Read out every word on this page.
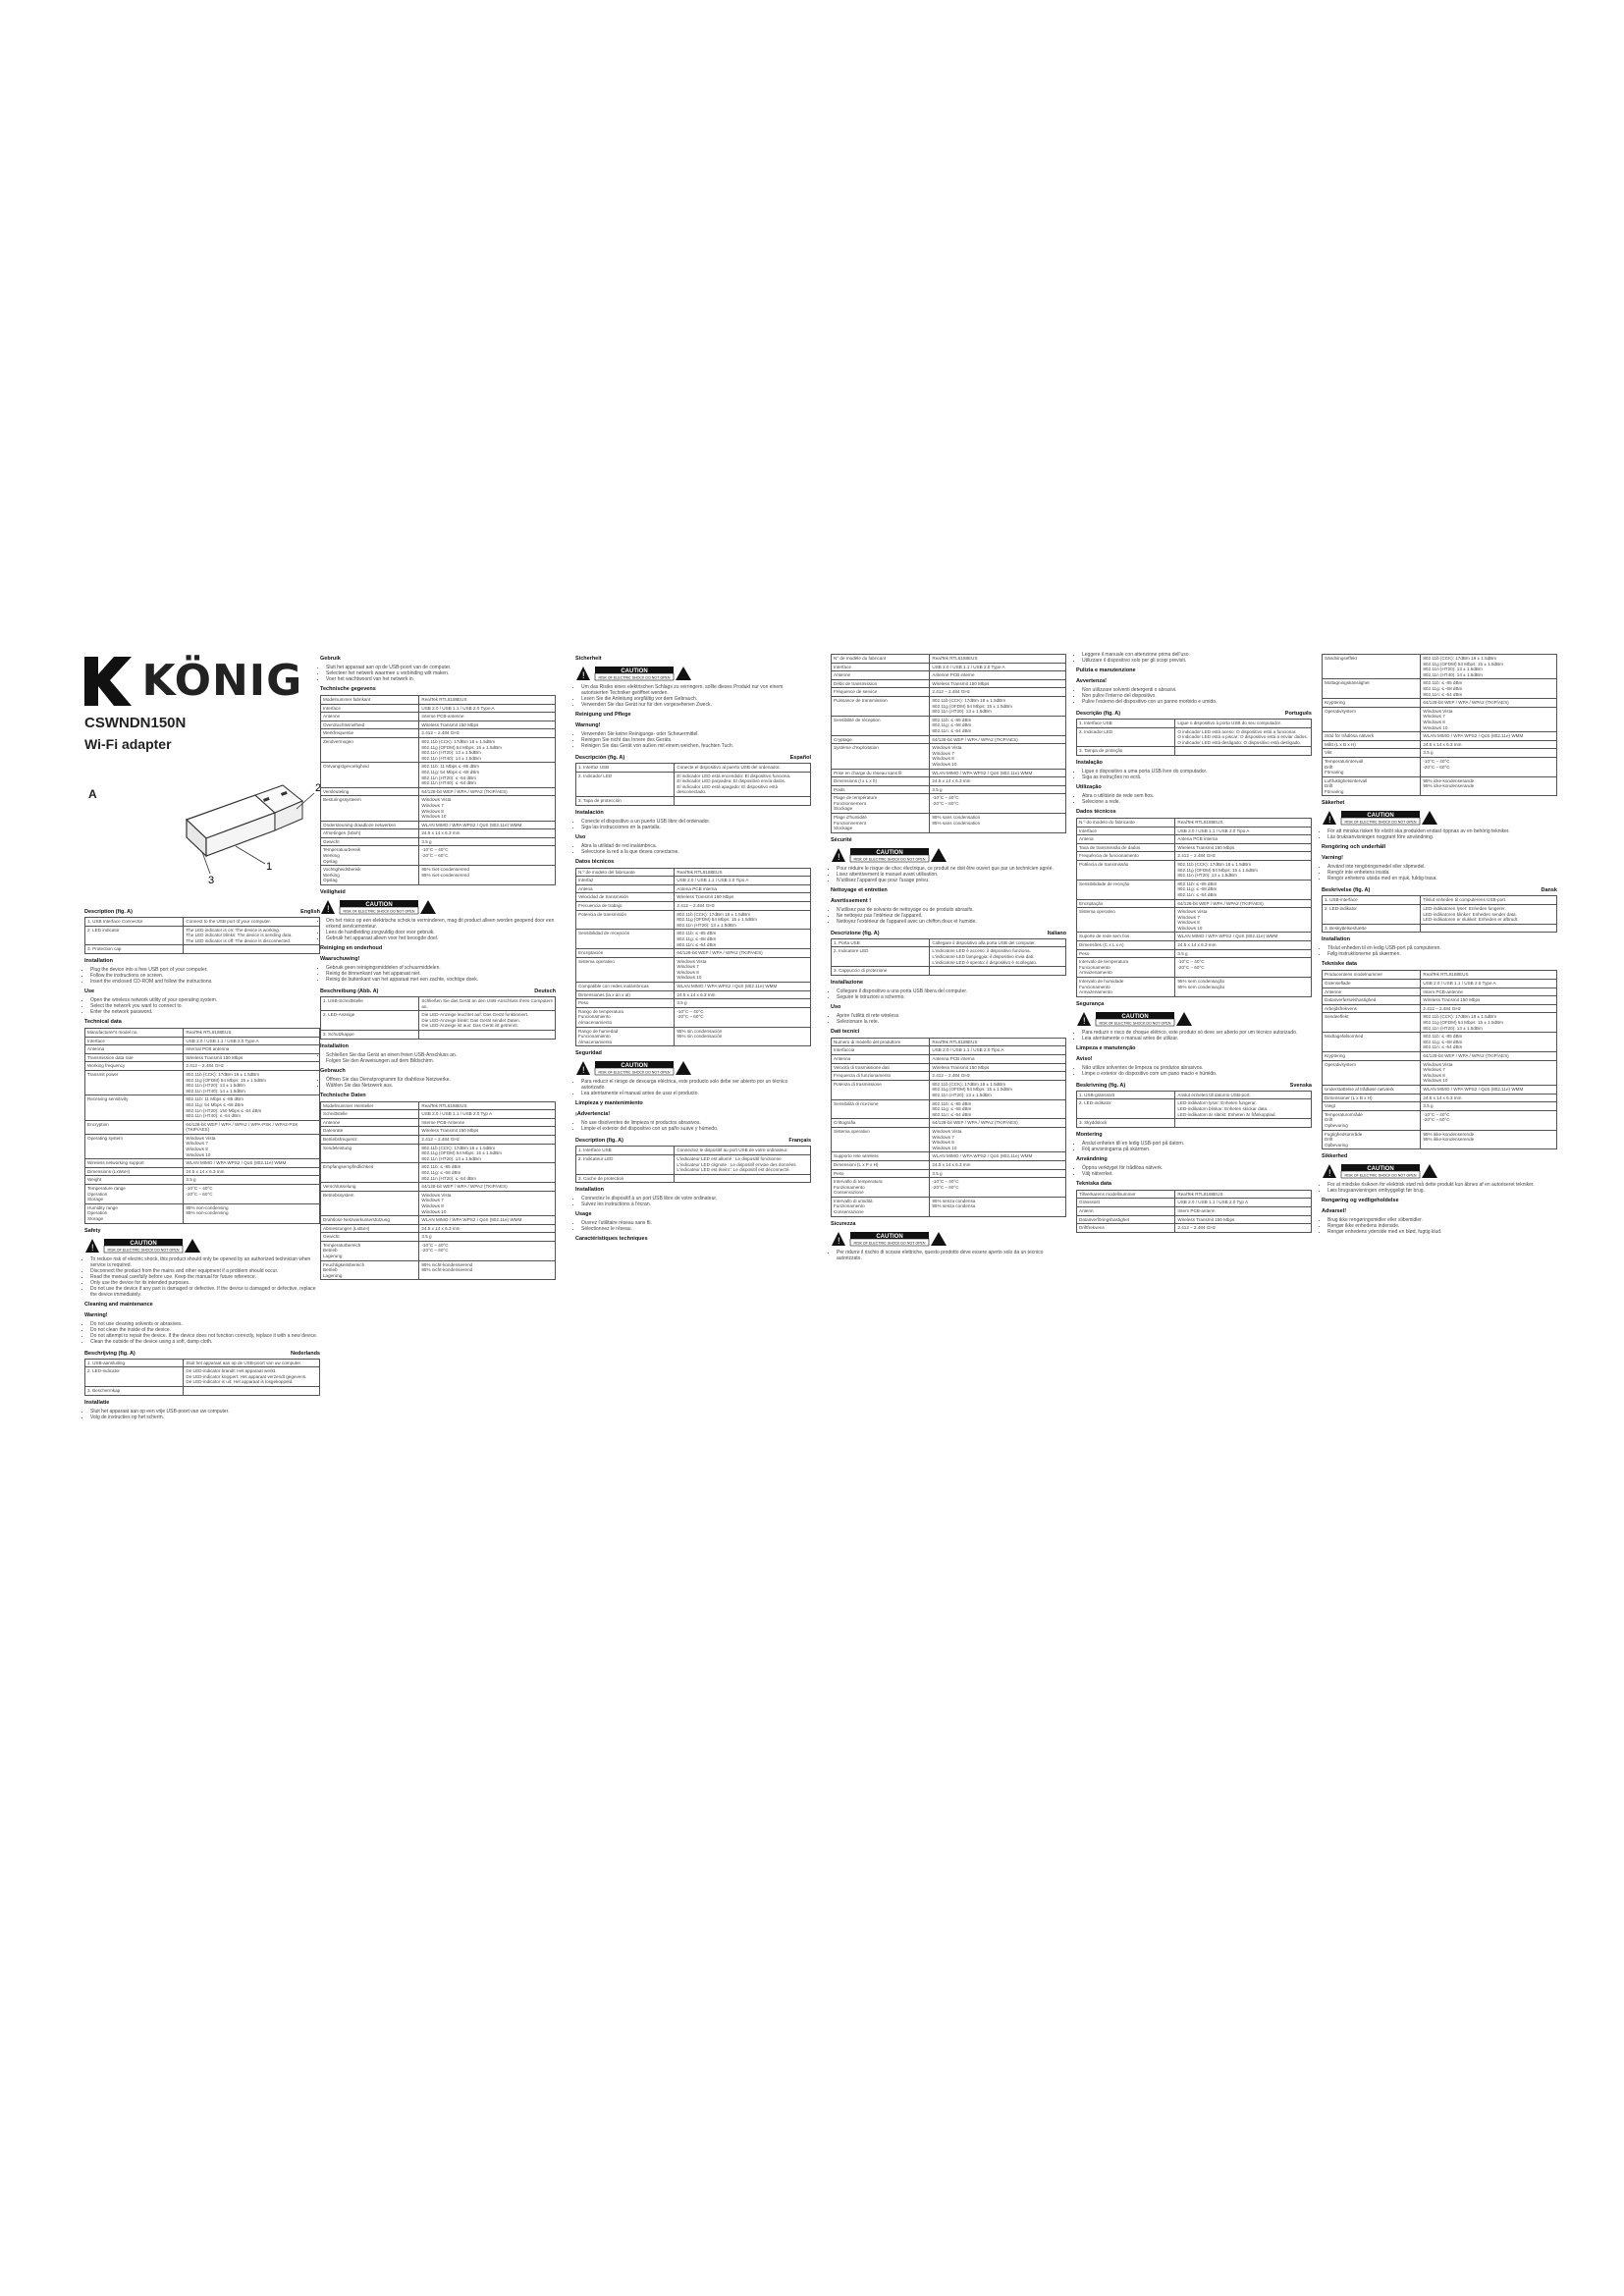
KÖNIG
CSWNDN150N
Wi-Fi adapter
A
1
2
3
Description (fig. A)	English
1. USB Interface Connector	Connect to the USB port of your computer.
2. LED indicator	The LED indicator is on: The device is working.
The LED indicator blinks: The device is sending data.
The LED indicator is off: The device is disconnected.
3. Protection cap	
Installation
• Plug the device into a free USB port of your computer.
• Follow the instructions on screen.
• Insert the enclosed CD-ROM and follow the instructions.
Use
• Open the wireless network utility of your operating system.
• Select the network you want to connect to.
• Enter the network password.
Technical data
Manufacturer's model no.	RealTek RTL8188EUS
Interface	USB 2.0 / USB 1.1 / USB 2.0 Type A
Antenna	Internal PCB antenna
Transmission data rate	Wireless Transmit 150 Mbps
Working frequency	2.412 – 2.484 GHz
Transmit power	802.11b (CCK): 17dBm 18 ± 1.5dBm
802.11g (OFDM) 54 Mbps: 15 ± 1.5dBm
802.11n (HT20): 13 ± 1.5dBm
802.11n (HT40): 14 ± 1.5dBm
Receiving sensitivity	802.11b: 11 Mbps ≤ -85 dBm
802.11g: 54 Mbps ≤ -68 dBm
802.11n (HT20): 150 Mbps ≤ -64 dBm
802.11n (HT40): ≤ -64 dBm
Encryption	64/128-bit WEP / WPA / WPA2 / WPA-PSK / WPA2-PSK (TKIP/AES)
Operating system	Windows Vista
Windows 7
Windows 8
Windows 10
Wireless networking support	WLAN MIMO / WPA WPS2 / QoS (802.11e) WMM
Dimensions (LxWxH)	24.5 x 14 x 6.3 mm
Weight	3.5 g
Temperature range
Operation
Storage	-10°C – 40°C
-20°C – 60°C
Humidity range
Operation
Storage	95% non-condensing
95% non-condensing
Safety
!	CAUTION
RISK OF ELECTRIC SHOCK DO NOT OPEN
• To reduce risk of electric shock, this product should only be opened by an authorized technician when service is required.
• Disconnect the product from the mains and other equipment if a problem should occur.
• Read the manual carefully before use. Keep the manual for future reference.
• Only use the device for its intended purposes.
• Do not use the device if any part is damaged or defective. If the device is damaged or defective, replace the device immediately.
Cleaning and maintenance
Warning!
• Do not use cleaning solvents or abrasives.
• Do not clean the inside of the device.
• Do not attempt to repair the device. If the device does not function correctly, replace it with a new device.
• Clean the outside of the device using a soft, damp cloth.
Beschrijving (fig. A)	Nederlands
1. USB-aansluiting	Sluit het apparaat aan op de USB-poort van uw computer.
2. LED-indicator	De LED-indicator brandt: Het apparaat werkt.
De LED-indicator knippert: Het apparaat verzendt gegevens.
De LED-indicator is uit: Het apparaat is losgekoppeld.
3. Beschermkap	
Installatie
• Sluit het apparaat aan op een vrije USB-poort van uw computer.
• Volg de instructies op het scherm.
Gebruik
• Sluit het apparaat aan op de USB-poort van de computer.
• Selecteer het netwerk waarmee u verbinding wilt maken.
• Voer het wachtwoord van het netwerk in.
Technische gegevens
Modelnummer fabrikant	RealTek RTL8188EUS
Interface	USB 2.0 / USB 1.1 / USB 2.0 Type A
Antenne	Interne PCB-antenne
Overdrachtssnelheid	Wireless Transmit 150 Mbps
Werkfrequentie	2.412 – 2.484 GHz
Zendvermogen	802.11b (CCK): 17dBm 18 ± 1.5dBm
802.11g (OFDM) 54 Mbps: 15 ± 1.5dBm
802.11n (HT20): 13 ± 1.5dBm
802.11n (HT40): 14 ± 1.5dBm
Ontvangstgevoeligheid	802.11b: 11 Mbps ≤ -85 dBm
802.11g: 54 Mbps ≤ -68 dBm
802.11n (HT20): ≤ -64 dBm
802.11n (HT40): ≤ -64 dBm
Versleuteling	64/128-bit WEP / WPA / WPA2 (TKIP/AES)
Besturingssysteem	Windows Vista
Windows 7
Windows 8
Windows 10
Ondersteuning draadloze netwerken	WLAN MIMO / WPA WPS2 / QoS (802.11e) WMM
Afmetingen (lxbxh)	24.5 x 14 x 6.3 mm
Gewicht	3.5 g
Temperatuurbereik
Werking
Opslag	-10°C – 40°C
-20°C – 60°C
Vochtigheidsbereik
Werking
Opslag	95% niet-condenserend
95% niet-condenserend
Veiligheid
!	CAUTION
RISK OF ELECTRIC SHOCK DO NOT OPEN
• Om het risico op een elektrische schok te verminderen, mag dit product alleen worden geopend door een erkend servicemonteur.
• Lees de handleiding zorgvuldig door voor gebruik.
• Gebruik het apparaat alleen voor het beoogde doel.
Reiniging en onderhoud
Waarschuwing!
• Gebruik geen reinigingsmiddelen of schuurmiddelen.
• Reinig de binnenkant van het apparaat niet.
• Reinig de buitenkant van het apparaat met een zachte, vochtige doek.
Beschreibung (Abb. A)	Deutsch
1. USB-Schnittstelle	Schließen Sie das Gerät an den USB-Anschluss Ihres Computers an.
2. LED-Anzeige	Die LED-Anzeige leuchtet auf: Das Gerät funktioniert.
Die LED-Anzeige blinkt: Das Gerät sendet Daten.
Die LED-Anzeige ist aus: Das Gerät ist getrennt.
3. Schutzkappe	
Installation
• Schließen Sie das Gerät an einen freien USB-Anschluss an.
• Folgen Sie den Anweisungen auf dem Bildschirm.
Gebrauch
• Öffnen Sie das Dienstprogramm für drahtlose Netzwerke.
• Wählen Sie das Netzwerk aus.
Technische Daten
Modellnummer Hersteller	RealTek RTL8188EUS
Schnittstelle	USB 2.0 / USB 1.1 / USB 2.0 Typ A
Antenne	Interne PCB-Antenne
Datenrate	Wireless Transmit 150 Mbps
Betriebsfrequenz	2.412 – 2.484 GHz
Sendeleistung	802.11b (CCK): 17dBm 18 ± 1.5dBm
802.11g (OFDM) 54 Mbps: 15 ± 1.5dBm
802.11n (HT20): 13 ± 1.5dBm
Empfangsempfindlichkeit	802.11b: ≤ -85 dBm
802.11g: ≤ -68 dBm
802.11n (HT20): ≤ -64 dBm
Verschlüsselung	64/128-bit WEP / WPA / WPA2 (TKIP/AES)
Betriebssystem	Windows Vista
Windows 7
Windows 8
Windows 10
Drahtlose Netzwerkunterstützung	WLAN MIMO / WPA WPS2 / QoS (802.11e) WMM
Abmessungen (LxBxH)	24.5 x 14 x 6.3 mm
Gewicht	3.5 g
Temperaturbereich
Betrieb
Lagerung	-10°C – 40°C
-20°C – 60°C
Feuchtigkeitsbereich
Betrieb
Lagerung	95% nicht-kondensierend
95% nicht-kondensierend
Sicherheit
!	CAUTION
RISK OF ELECTRIC SHOCK DO NOT OPEN
• Um das Risiko eines elektrischen Schlags zu verringern, sollte dieses Produkt nur von einem autorisierten Techniker geöffnet werden.
• Lesen Sie die Anleitung sorgfältig vor dem Gebrauch.
• Verwenden Sie das Gerät nur für den vorgesehenen Zweck.
Reinigung und Pflege
Warnung!
• Verwenden Sie keine Reinigungs- oder Scheuermittel.
• Reinigen Sie nicht das Innere des Geräts.
• Reinigen Sie das Gerät von außen mit einem weichen, feuchten Tuch.
Descripción (fig. A)	Español
1. Interfaz USB	Conecte el dispositivo al puerto USB del ordenador.
2. Indicador LED	El indicador LED está encendido: El dispositivo funciona.
El indicador LED parpadea: El dispositivo envía datos.
El indicador LED está apagado: El dispositivo está desconectado.
3. Tapa de protección	
Instalación
• Conecte el dispositivo a un puerto USB libre del ordenador.
• Siga las instrucciones en la pantalla.
Uso
• Abra la utilidad de red inalámbrica.
• Seleccione la red a la que desea conectarse.
Datos técnicos
N.º de modelo del fabricante	RealTek RTL8188EUS
Interfaz	USB 2.0 / USB 1.1 / USB 2.0 Tipo A
Antena	Antena PCB interna
Velocidad de transmisión	Wireless Transmit 150 Mbps
Frecuencia de trabajo	2.412 – 2.484 GHz
Potencia de transmisión	802.11b (CCK): 17dBm 18 ± 1.5dBm
802.11g (OFDM) 54 Mbps: 15 ± 1.5dBm
802.11n (HT20): 13 ± 1.5dBm
Sensibilidad de recepción	802.11b: ≤ -85 dBm
802.11g: ≤ -68 dBm
802.11n: ≤ -64 dBm
Encriptación	64/128-bit WEP / WPA / WPA2 (TKIP/AES)
Sistema operativo	Windows Vista
Windows 7
Windows 8
Windows 10
Compatible con redes inalámbricas	WLAN MIMO / WPA WPS2 / QoS (802.11e) WMM
Dimensiones (la x an x al)	24.5 x 14 x 6.3 mm
Peso	3.5 g
Rango de temperatura
Funcionamiento
Almacenamiento	-10°C – 40°C
-20°C – 60°C
Rango de humedad
Funcionamiento
Almacenamiento	95% sin condensación
95% sin condensación
Seguridad
!	CAUTION
RISK OF ELECTRIC SHOCK DO NOT OPEN
• Para reducir el riesgo de descarga eléctrica, este producto solo debe ser abierto por un técnico autorizado.
• Lea atentamente el manual antes de usar el producto.
Limpieza y mantenimiento
¡Advertencia!
• No use disolventes de limpieza ni productos abrasivos.
• Limpie el exterior del dispositivo con un paño suave y húmedo.
Description (fig. A)	Français
1. Interface USB	Connectez le dispositif au port USB de votre ordinateur.
2. Indicateur LED	L'indicateur LED est allumé : Le dispositif fonctionne.
L'indicateur LED clignote : Le dispositif envoie des données.
L'indicateur LED est éteint : Le dispositif est déconnecté.
3. Cache de protection	
Installation
• Connectez le dispositif à un port USB libre de votre ordinateur.
• Suivez les instructions à l'écran.
Usage
• Ouvrez l'utilitaire réseau sans fil.
• Sélectionnez le réseau.
Caractéristiques techniques
N° de modèle du fabricant	RealTek RTL8188EUS
Interface	USB 2.0 / USB 1.1 / USB 2.0 Type A
Antenne	Antenne PCB interne
Débit de transmission	Wireless Transmit 150 Mbps
Fréquence de service	2.412 – 2.484 GHz
Puissance de transmission	802.11b (CCK): 17dBm 18 ± 1.5dBm
802.11g (OFDM) 54 Mbps: 15 ± 1.5dBm
802.11n (HT20): 13 ± 1.5dBm
Sensibilité de réception	802.11b: ≤ -85 dBm
802.11g: ≤ -68 dBm
802.11n: ≤ -64 dBm
Cryptage	64/128-bit WEP / WPA / WPA2 (TKIP/AES)
Système d'exploitation	Windows Vista
Windows 7
Windows 8
Windows 10
Prise en charge du réseau sans fil	WLAN MIMO / WPA WPS2 / QoS (802.11e) WMM
Dimensions (l x L x h)	24.5 x 14 x 6.3 mm
Poids	3.5 g
Plage de température
Fonctionnement
Stockage	-10°C – 40°C
-20°C – 60°C
Plage d'humidité
Fonctionnement
Stockage	95% sans condensation
95% sans condensation
Sécurité
!	CAUTION
RISK OF ELECTRIC SHOCK DO NOT OPEN
• Pour réduire le risque de choc électrique, ce produit ne doit être ouvert que par un technicien agréé.
• Lisez attentivement le manuel avant utilisation.
• N'utilisez l'appareil que pour l'usage prévu.
Nettoyage et entretien
Avertissement !
• N'utilisez pas de solvants de nettoyage ou de produits abrasifs.
• Ne nettoyez pas l'intérieur de l'appareil.
• Nettoyez l'extérieur de l'appareil avec un chiffon doux et humide.
Descrizione (fig. A)	Italiano
1. Porta USB	Collegare il dispositivo alla porta USB del computer.
2. Indicatore LED	L'indicatore LED è acceso: il dispositivo funziona.
L'indicatore LED lampeggia: il dispositivo invia dati.
L'indicatore LED è spento: il dispositivo è scollegato.
3. Cappuccio di protezione	
Installazione
• Collegare il dispositivo a una porta USB libera del computer.
• Seguire le istruzioni a schermo.
Uso
• Aprire l'utilità di rete wireless.
• Selezionare la rete.
Dati tecnici
Numero di modello del produttore	RealTek RTL8188EUS
Interfaccia	USB 2.0 / USB 1.1 / USB 2.0 Tipo A
Antenna	Antenna PCB interna
Velocità di trasmissione dati	Wireless Transmit 150 Mbps
Frequenza di funzionamento	2.412 – 2.484 GHz
Potenza di trasmissione	802.11b (CCK): 17dBm 18 ± 1.5dBm
802.11g (OFDM) 54 Mbps: 15 ± 1.5dBm
802.11n (HT20): 13 ± 1.5dBm
Sensibilità di ricezione	802.11b: ≤ -85 dBm
802.11g: ≤ -68 dBm
802.11n: ≤ -64 dBm
Crittografia	64/128-bit WEP / WPA / WPA2 (TKIP/AES)
Sistema operativo	Windows Vista
Windows 7
Windows 8
Windows 10
Supporto rete wireless	WLAN MIMO / WPA WPS2 / QoS (802.11e) WMM
Dimensioni (L x P x H)	24.5 x 14 x 6.3 mm
Peso	3.5 g
Intervallo di temperatura
Funzionamento
Conservazione	-10°C – 40°C
-20°C – 60°C
Intervallo di umidità
Funzionamento
Conservazione	95% senza condensa
95% senza condensa
Sicurezza
!	CAUTION
RISK OF ELECTRIC SHOCK DO NOT OPEN
• Per ridurre il rischio di scosse elettriche, questo prodotto deve essere aperto solo da un tecnico autorizzato.
• Leggere il manuale con attenzione prima dell'uso.
• Utilizzare il dispositivo solo per gli scopi previsti.
Pulizia e manutenzione
Avvertenza!
• Non utilizzare solventi detergenti o abrasivi.
• Non pulire l'interno del dispositivo.
• Pulire l'esterno del dispositivo con un panno morbido e umido.
Descrição (fig. A)	Português
1. Interface USB	Ligue o dispositivo à porta USB do seu computador.
2. Indicador LED	O indicador LED está aceso: O dispositivo está a funcionar.
O indicador LED está a piscar: O dispositivo está a enviar dados.
O indicador LED está desligado: O dispositivo está desligado.
3. Tampa de proteção	
Instalação
• Ligue o dispositivo a uma porta USB livre do computador.
• Siga as instruções no ecrã.
Utilização
• Abra o utilitário de rede sem fios.
• Selecione a rede.
Dados técnicos
N.º do modelo do fabricante	RealTek RTL8188EUS
Interface	USB 2.0 / USB 1.1 / USB 2.0 Tipo A
Antena	Antena PCB interna
Taxa de transmissão de dados	Wireless Transmit 150 Mbps
Frequência de funcionamento	2.412 – 2.484 GHz
Potência de transmissão	802.11b (CCK): 17dBm 18 ± 1.5dBm
802.11g (OFDM) 54 Mbps: 15 ± 1.5dBm
802.11n (HT20): 13 ± 1.5dBm
Sensibilidade de receção	802.11b: ≤ -85 dBm
802.11g: ≤ -68 dBm
802.11n: ≤ -64 dBm
Encriptação	64/128-bit WEP / WPA / WPA2 (TKIP/AES)
Sistema operativo	Windows Vista
Windows 7
Windows 8
Windows 10
Suporte de rede sem fios	WLAN MIMO / WPA WPS2 / QoS (802.11e) WMM
Dimensões (C x L x A)	24.5 x 14 x 6.3 mm
Peso	3.5 g
Intervalo de temperatura
Funcionamento
Armazenamento	-10°C – 40°C
-20°C – 60°C
Intervalo de humidade
Funcionamento
Armazenamento	95% sem condensação
95% sem condensação
Segurança
!	CAUTION
RISK OF ELECTRIC SHOCK DO NOT OPEN
• Para reduzir o risco de choque elétrico, este produto só deve ser aberto por um técnico autorizado.
• Leia atentamente o manual antes de utilizar.
Limpeza e manutenção
Aviso!
• Não utilize solventes de limpeza ou produtos abrasivos.
• Limpe o exterior do dispositivo com um pano macio e húmido.
Beskrivning (fig. A)	Svenska
1. USB-gränssnitt	Anslut enheten till datorns USB-port.
2. LED-indikator	LED-indikatorn lyser: Enheten fungerar.
LED-indikatorn blinkar: Enheten skickar data.
LED-indikatorn är släckt: Enheten är frånkopplad.
3. Skyddslock	
Montering
• Anslut enheten till en ledig USB-port på datorn.
• Följ anvisningarna på skärmen.
Användning
• Öppna verktyget för trådlösa nätverk.
• Välj nätverket.
Tekniska data
Tillverkarens modellnummer	RealTek RTL8188EUS
Gränssnitt	USB 2.0 / USB 1.1 / USB 2.0 Typ A
Antenn	Intern PCB-antenn
Dataöverföringshastighet	Wireless Transmit 150 Mbps
Driftfrekvens	2.412 – 2.484 GHz
Sändningseffekt	802.11b (CCK): 17dBm 18 ± 1.5dBm
802.11g (OFDM) 54 Mbps: 15 ± 1.5dBm
802.11n (HT20): 13 ± 1.5dBm
802.11n (HT40): 14 ± 1.5dBm
Mottagningskänslighet	802.11b: ≤ -85 dBm
802.11g: ≤ -68 dBm
802.11n: ≤ -64 dBm
Kryptering	64/128-bit WEP / WPA / WPA2 (TKIP/AES)
Operativsystem	Windows Vista
Windows 7
Windows 8
Windows 10
Stöd för trådlösa nätverk	WLAN MIMO / WPA WPS2 / QoS (802.11e) WMM
Mått (L x B x H)	24.5 x 14 x 6.3 mm
Vikt	3.5 g
Temperaturintervall
Drift
Förvaring	-10°C – 40°C
-20°C – 60°C
Luftfuktighetsintervall
Drift
Förvaring	95% icke-kondenserande
95% icke-kondenserande
Säkerhet
!	CAUTION
RISK OF ELECTRIC SHOCK DO NOT OPEN
• För att minska risken för elstöt ska produkten endast öppnas av en behörig tekniker.
• Läs bruksanvisningen noggrant före användning.
Rengöring och underhåll
Varning!
• Använd inte rengöringsmedel eller slipmedel.
• Rengör inte enhetens insida.
• Rengör enhetens utsida med en mjuk, fuktig trasa.
Beskrivelse (fig. A)	Dansk
1. USB-interface	Tilslut enheden til computerens USB-port.
2. LED-indikator	LED-indikatoren lyser: Enheden fungerer.
LED-indikatoren blinker: Enheden sender data.
LED-indikatoren er slukket: Enheden er afbrudt.
3. Beskyttelseshætte	
Installation
• Tilslut enheden til en ledig USB-port på computeren.
• Følg instruktionerne på skærmen.
Tekniske data
Producentens modelnummer	RealTek RTL8188EUS
Grænseflade	USB 2.0 / USB 1.1 / USB 2.0 Type A
Antenne	Intern PCB-antenne
Dataoverførselshastighed	Wireless Transmit 150 Mbps
Arbejdsfrekvens	2.412 – 2.484 GHz
Sendeeffekt	802.11b (CCK): 17dBm 18 ± 1.5dBm
802.11g (OFDM) 54 Mbps: 15 ± 1.5dBm
802.11n (HT20): 13 ± 1.5dBm
Modtagefølsomhed	802.11b: ≤ -85 dBm
802.11g: ≤ -68 dBm
802.11n: ≤ -64 dBm
Kryptering	64/128-bit WEP / WPA / WPA2 (TKIP/AES)
Operativsystem	Windows Vista
Windows 7
Windows 8
Windows 10
Understøttelse af trådløse netværk	WLAN MIMO / WPA WPS2 / QoS (802.11e) WMM
Dimensioner (L x B x H)	24.5 x 14 x 6.3 mm
Vægt	3.5 g
Temperaturområde
Drift
Opbevaring	-10°C – 40°C
-20°C – 60°C
Fugtighedsområde
Drift
Opbevaring	95% ikke-kondenserende
95% ikke-kondenserende
Sikkerhed
!	CAUTION
RISK OF ELECTRIC SHOCK DO NOT OPEN
• For at mindske risikoen for elektrisk stød må dette produkt kun åbnes af en autoriseret tekniker.
• Læs brugsanvisningen omhyggeligt før brug.
Rengøring og vedligeholdelse
Advarsel!
• Brug ikke rengøringsmidler eller slibemidler.
• Rengør ikke enhedens inderside.
• Rengør enhedens yderside med en blød, fugtig klud.
